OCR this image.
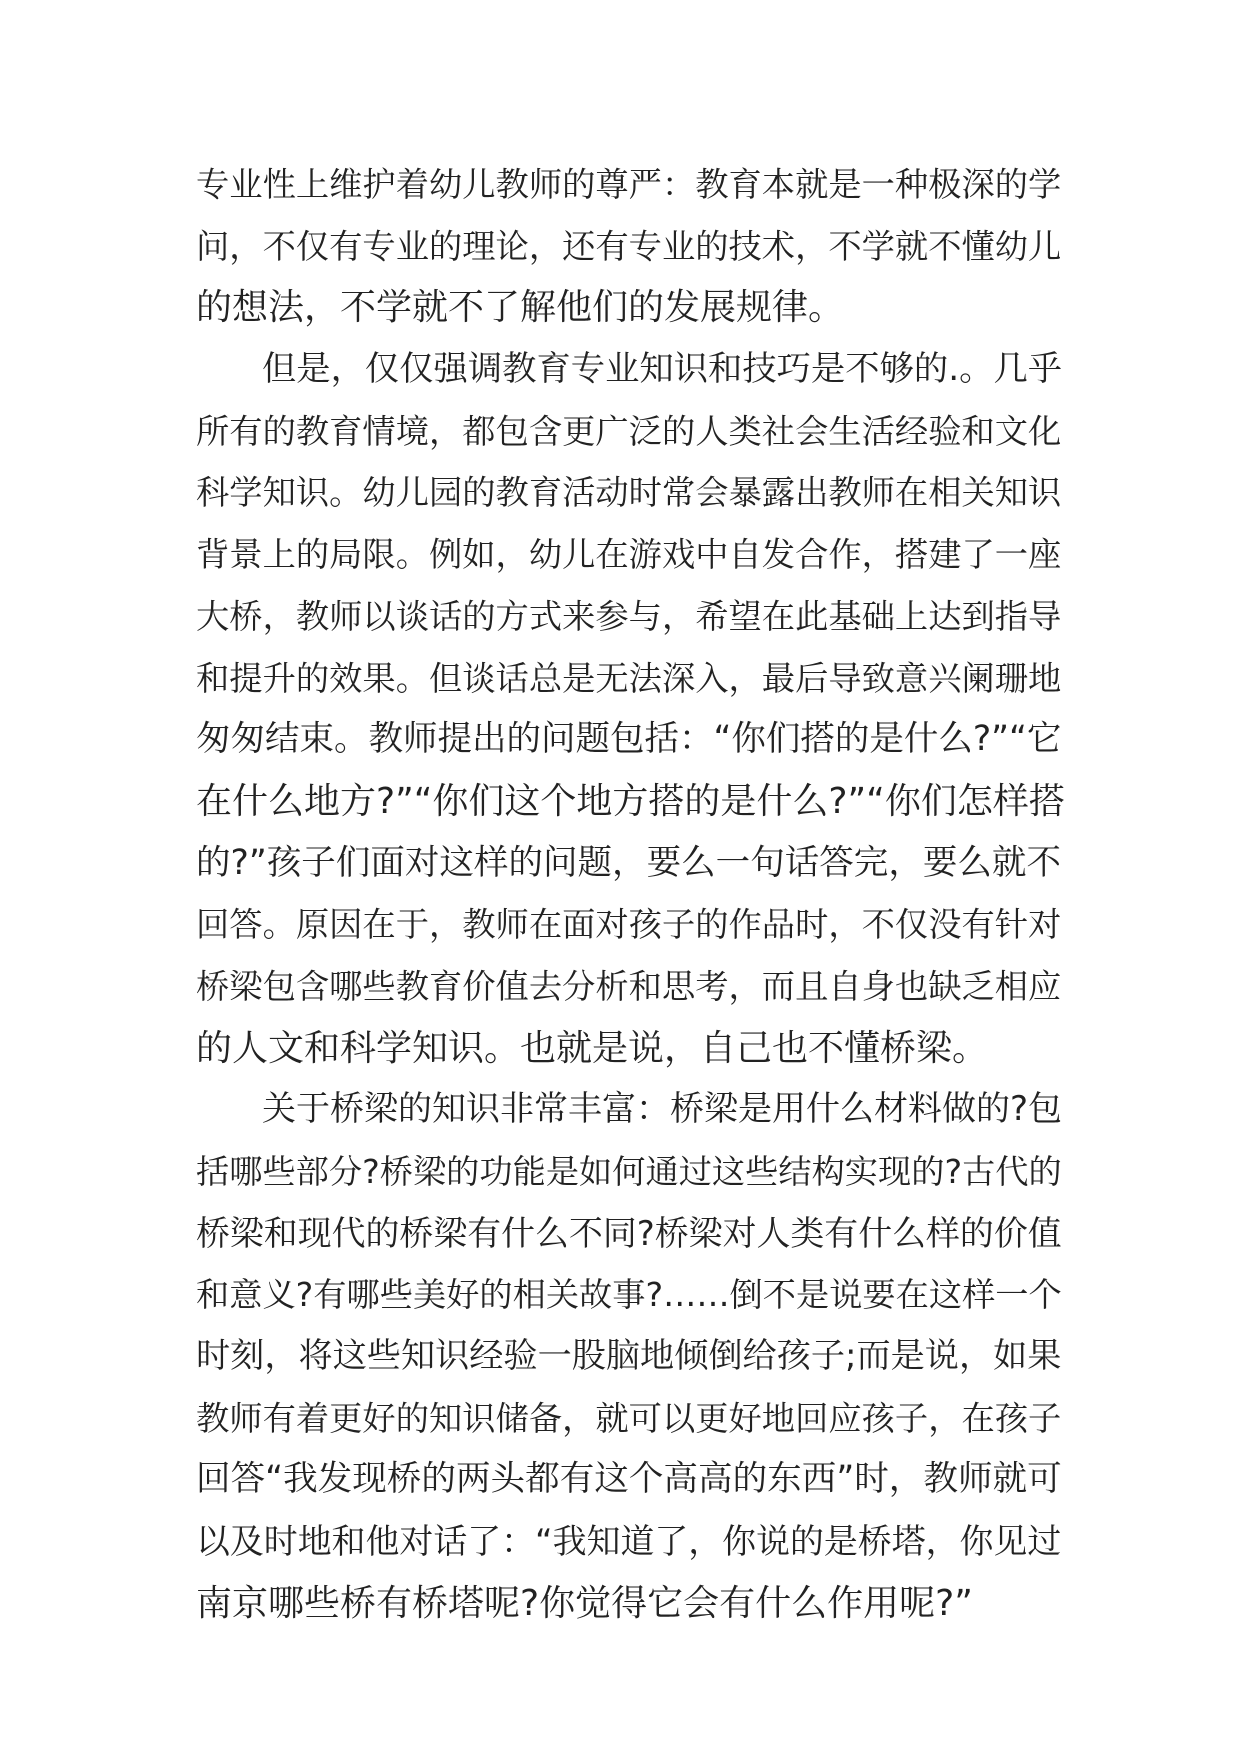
专业性上维护着幼儿教师的尊严：教育本就是一种极深的学
问，不仅有专业的理论，还有专业的技术，不学就不懂幼儿
的想法，不学就不了解他们的发展规律。
但是，仅仅强调教育专业知识和技巧是不够的.。几乎
所有的教育情境，都包含更广泛的人类社会生活经验和文化
科学知识。幼儿园的教育活动时常会暴露出教师在相关知识
背景上的局限。例如，幼儿在游戏中自发合作，搭建了一座
大桥，教师以谈话的方式来参与，希望在此基础上达到指导
和提升的效果。但谈话总是无法深入，最后导致意兴阑珊地
匆匆结束。教师提出的问题包括：“你们搭的是什么?”“它
在什么地方?”“你们这个地方搭的是什么?”“你们怎样搭
的?”孩子们面对这样的问题，要么一句话答完，要么就不
回答。原因在于，教师在面对孩子的作品时，不仅没有针对
桥梁包含哪些教育价值去分析和思考，而且自身也缺乏相应
的人文和科学知识。也就是说，自己也不懂桥梁。
关于桥梁的知识非常丰富：桥梁是用什么材料做的?包
括哪些部分?桥梁的功能是如何通过这些结构实现的?古代的
桥梁和现代的桥梁有什么不同?桥梁对人类有什么样的价值
和意义?有哪些美好的相关故事?……倒不是说要在这样一个
时刻，将这些知识经验一股脑地倾倒给孩子;而是说，如果
教师有着更好的知识储备，就可以更好地回应孩子，在孩子
回答“我发现桥的两头都有这个高高的东西”时，教师就可
以及时地和他对话了：“我知道了，你说的是桥塔，你见过
南京哪些桥有桥塔呢?你觉得它会有什么作用呢?”
